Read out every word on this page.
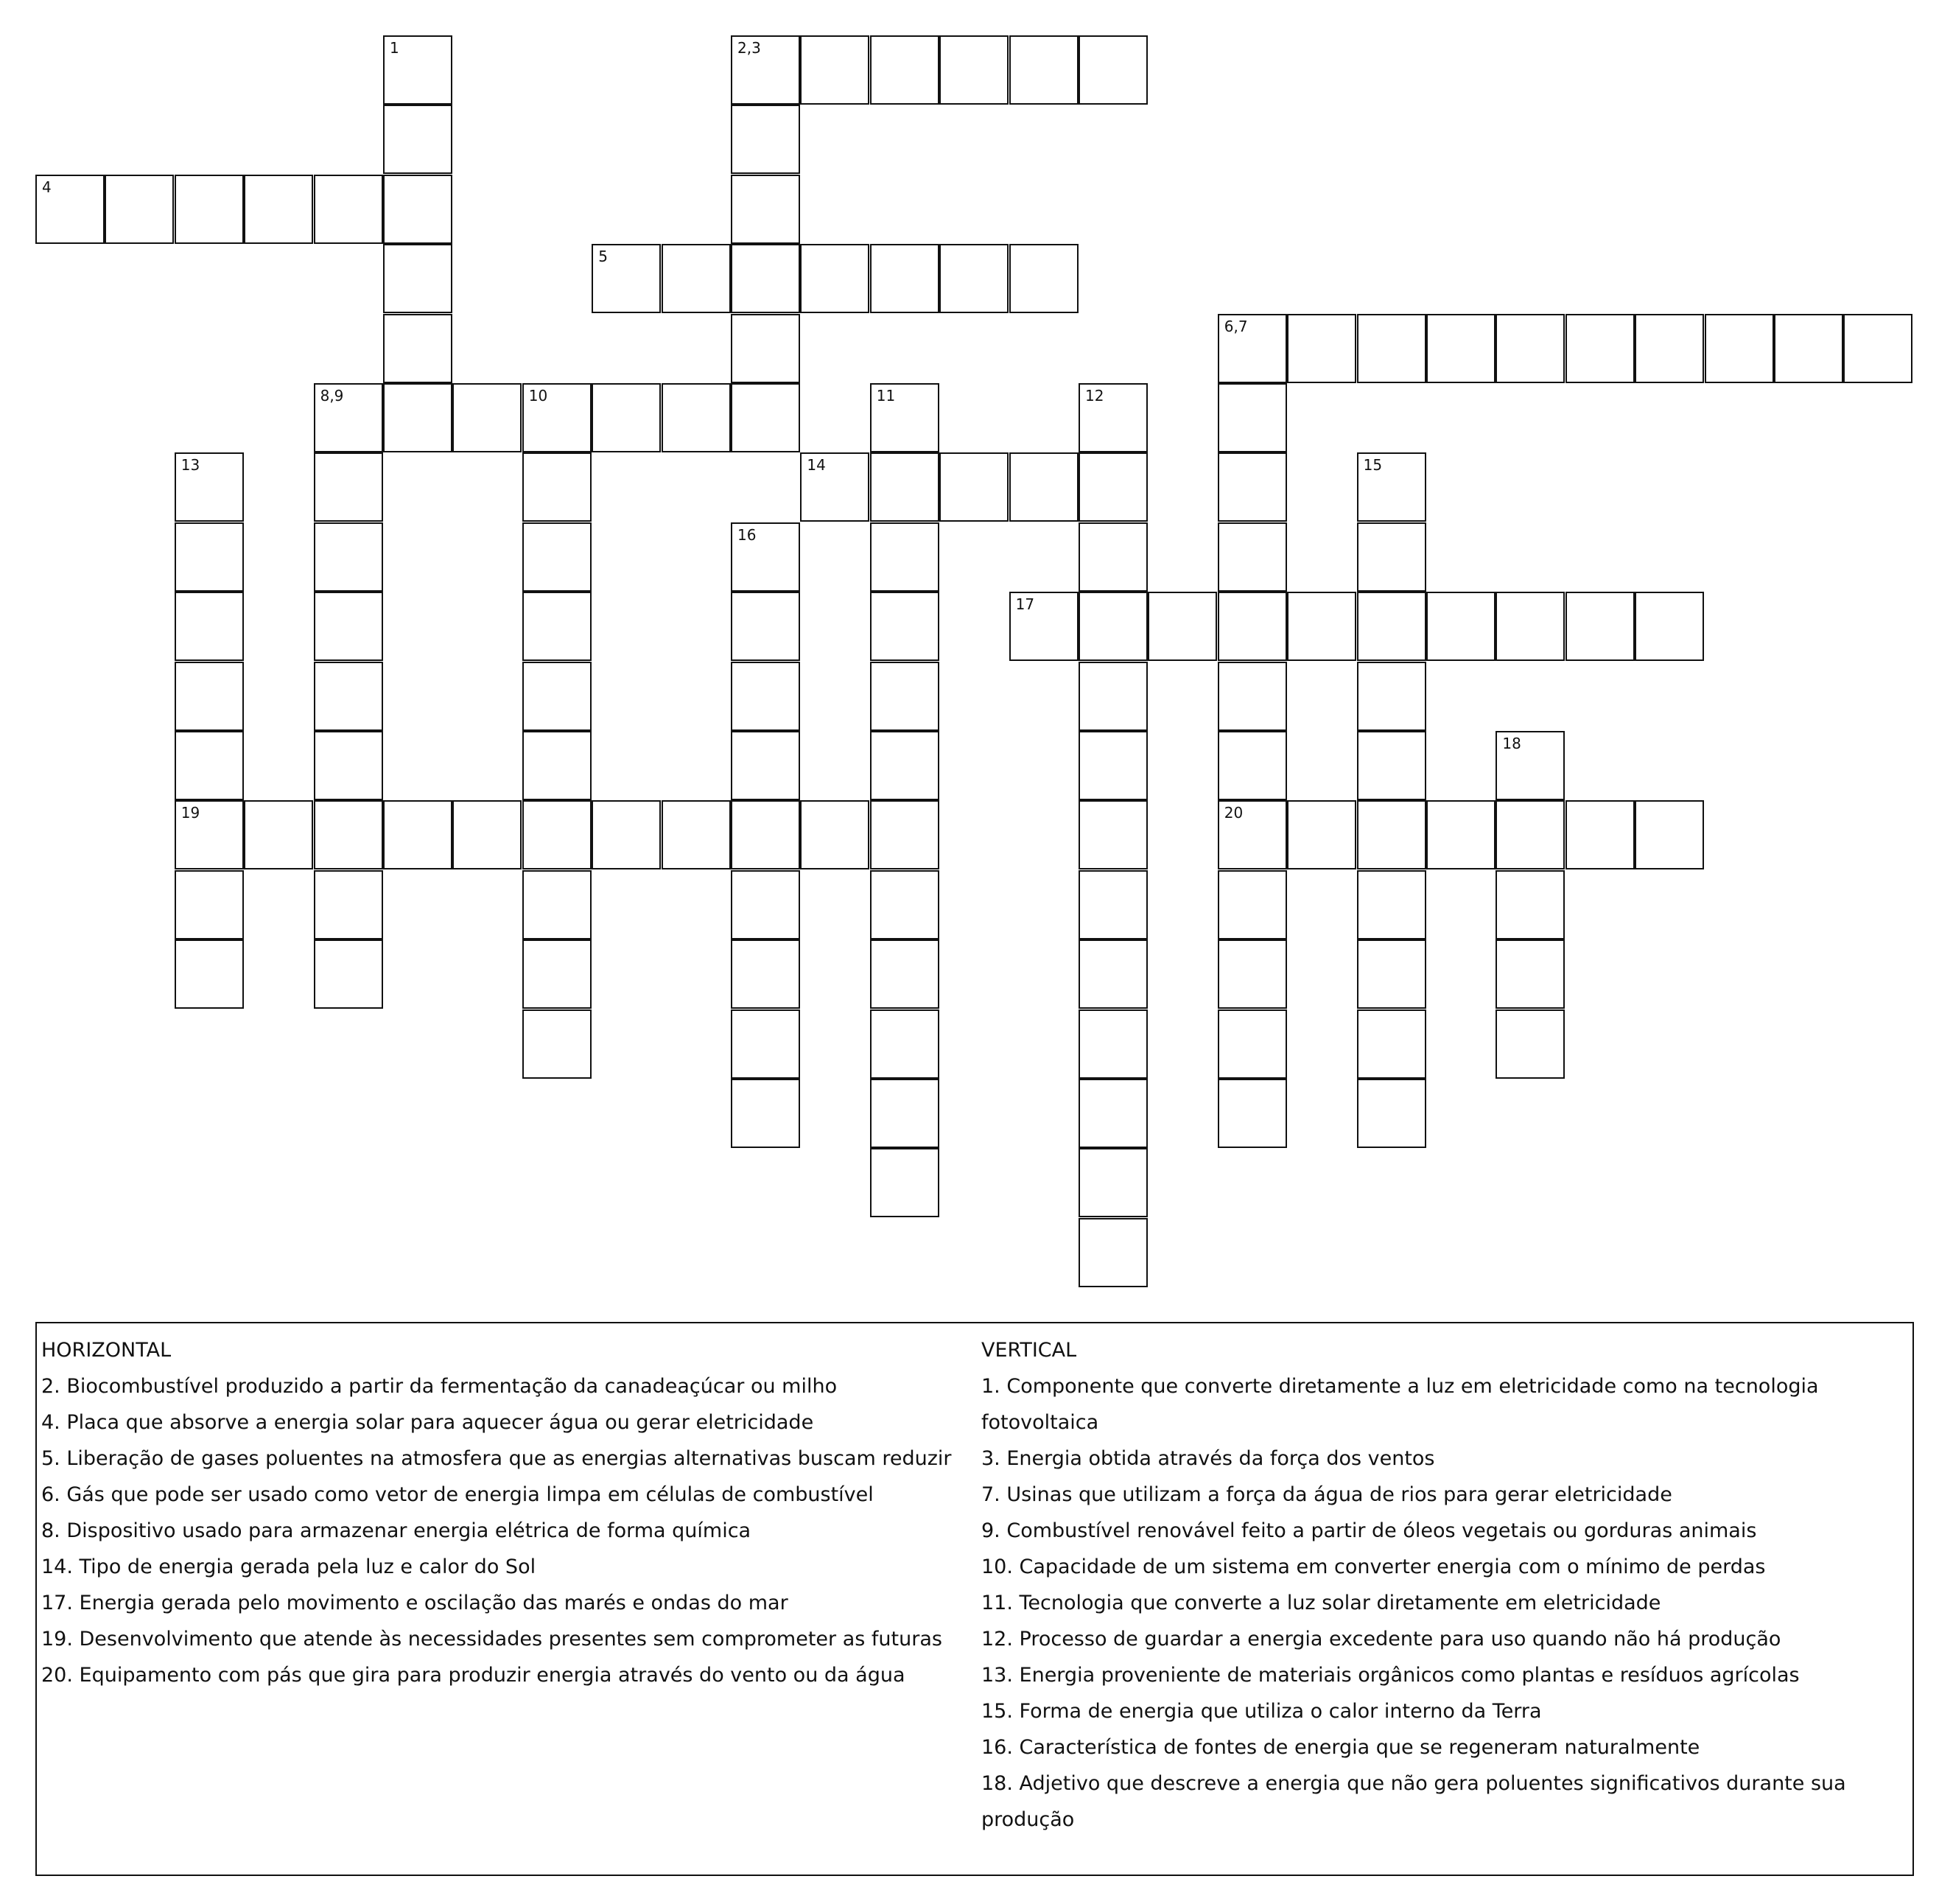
1	2,3
4
5
6,7
8,9	10	11	12
13	14	15
16
17
18
19	20
HORIZONTAL

2. Biocombustível produzido a partir da fermentação da canadeaçúcar ou milho

4. Placa que absorve a energia solar para aquecer água ou gerar eletricidade

5. Liberação de gases poluentes na atmosfera que as energias alternativas buscam reduzir

6. Gás que pode ser usado como vetor de energia limpa em células de combustível

8. Dispositivo usado para armazenar energia elétrica de forma química

14. Tipo de energia gerada pela luz e calor do Sol

17. Energia gerada pelo movimento e oscilação das marés e ondas do mar

19. Desenvolvimento que atende às necessidades presentes sem comprometer as futuras

20. Equipamento com pás que gira para produzir energia através do vento ou da água

VERTICAL

1. Componente que converte diretamente a luz em eletricidade como na tecnologia fotovoltaica

3. Energia obtida através da força dos ventos

7. Usinas que utilizam a força da água de rios para gerar eletricidade

9. Combustível renovável feito a partir de óleos vegetais ou gorduras animais

10. Capacidade de um sistema em converter energia com o mínimo de perdas

11. Tecnologia que converte a luz solar diretamente em eletricidade

12. Processo de guardar a energia excedente para uso quando não há produção

13. Energia proveniente de materiais orgânicos como plantas e resíduos agrícolas

15. Forma de energia que utiliza o calor interno da Terra

16. Característica de fontes de energia que se regeneram naturalmente

18. Adjetivo que descreve a energia que não gera poluentes significativos durante sua produção
